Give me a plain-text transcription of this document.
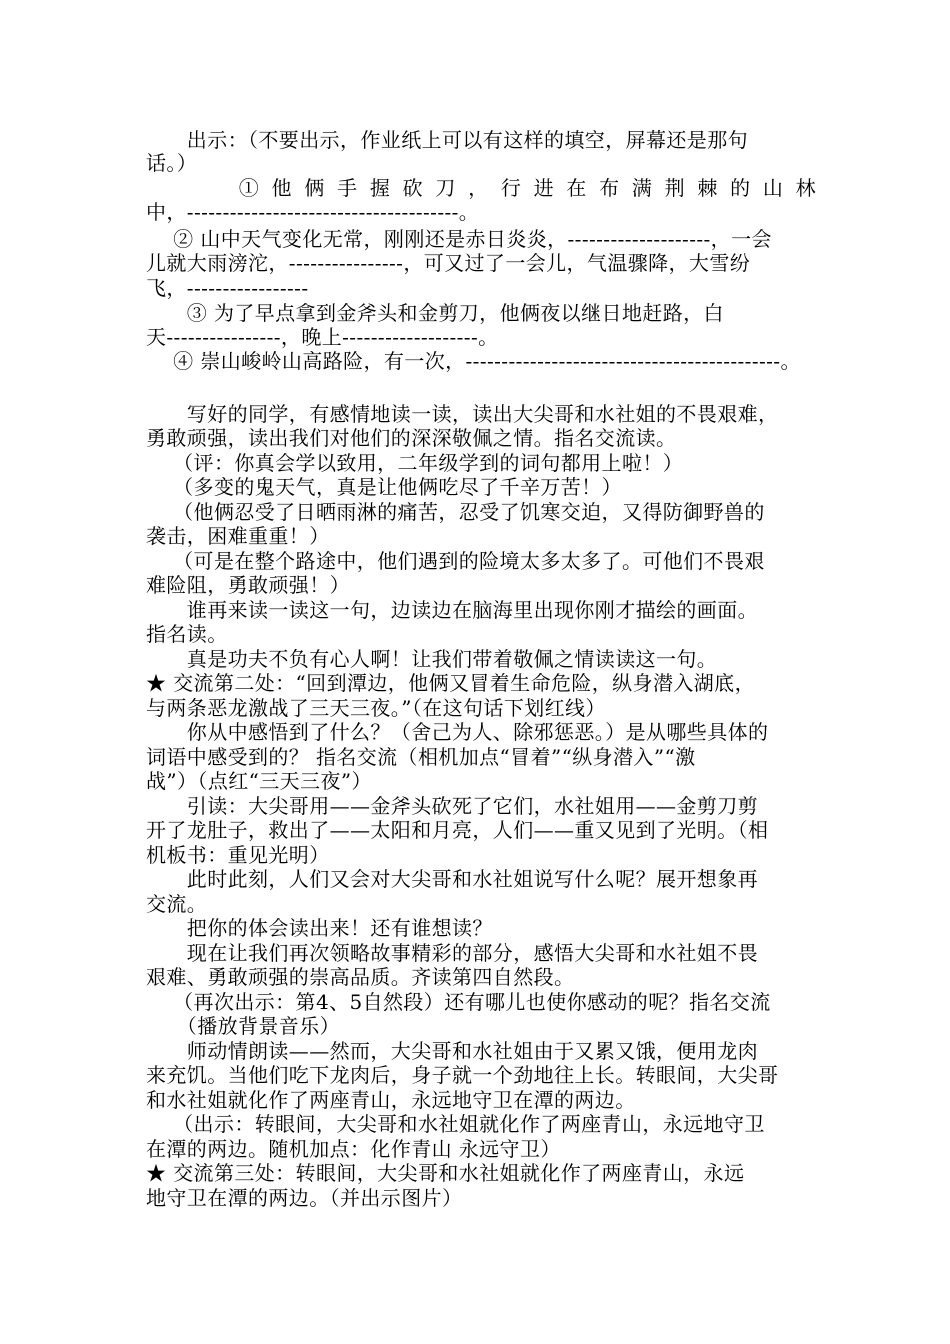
　　出示：（不要出示，作业纸上可以有这样的填空，屏幕还是那句
话。）
　　　　① 他 俩 手 握 砍 刀 ， 行 进 在 布 满 荆 棘 的 山 林
中，--------------------------------------。
　 ② 山中天气变化无常，刚刚还是赤日炎炎，--------------------，一会
儿就大雨滂沱，----------------，可又过了一会儿，气温骤降，大雪纷
飞，-----------------
　　③ 为了早点拿到金斧头和金剪刀，他俩夜以继日地赶路，白
天----------------，晚上-------------------。
　 ④ 崇山峻岭山高路险，有一次，--------------------------------------------。
　　写好的同学，有感情地读一读，读出大尖哥和水社姐的不畏艰难，
勇敢顽强，读出我们对他们的深深敬佩之情。指名交流读。
　 （评：你真会学以致用，二年级学到的词句都用上啦！）
　 （多变的鬼天气，真是让他俩吃尽了千辛万苦！）
　 （他俩忍受了日晒雨淋的痛苦，忍受了饥寒交迫，又得防御野兽的
袭击，困难重重！）
　 （可是在整个路途中，他们遇到的险境太多太多了。可他们不畏艰
难险阻，勇敢顽强！）
　　谁再来读一读这一句，边读边在脑海里出现你刚才描绘的画面。
指名读。
　　真是功夫不负有心人啊！让我们带着敬佩之情读读这一句。
★ 交流第二处：“回到潭边，他俩又冒着生命危险，纵身潜入湖底，
与两条恶龙激战了三天三夜。”（在这句话下划红线）
　　你从中感悟到了什么？（舍己为人、除邪惩恶。）是从哪些具体的
词语中感受到的？ 指名交流（相机加点“冒着”“纵身潜入”“激
战”）（点红“三天三夜”）
　　引读：大尖哥用——金斧头砍死了它们，水社姐用——金剪刀剪
开了龙肚子，救出了——太阳和月亮，人们——重又见到了光明。（相
机板书：重见光明）
　　此时此刻，人们又会对大尖哥和水社姐说写什么呢？展开想象再
交流。
　　把你的体会读出来！还有谁想读？
　　现在让我们再次领略故事精彩的部分，感悟大尖哥和水社姐不畏
艰难、勇敢顽强的崇高品质。齐读第四自然段。
　 （再次出示：第4、5自然段）还有哪儿也使你感动的呢？指名交流
　　（播放背景音乐）
　　师动情朗读——然而，大尖哥和水社姐由于又累又饿，便用龙肉
来充饥。当他们吃下龙肉后，身子就一个劲地往上长。转眼间，大尖哥
和水社姐就化作了两座青山，永远地守卫在潭的两边。
　 （出示：转眼间，大尖哥和水社姐就化作了两座青山，永远地守卫
在潭的两边。随机加点：化作青山 永远守卫）
★ 交流第三处：转眼间，大尖哥和水社姐就化作了两座青山，永远
地守卫在潭的两边。（并出示图片）
